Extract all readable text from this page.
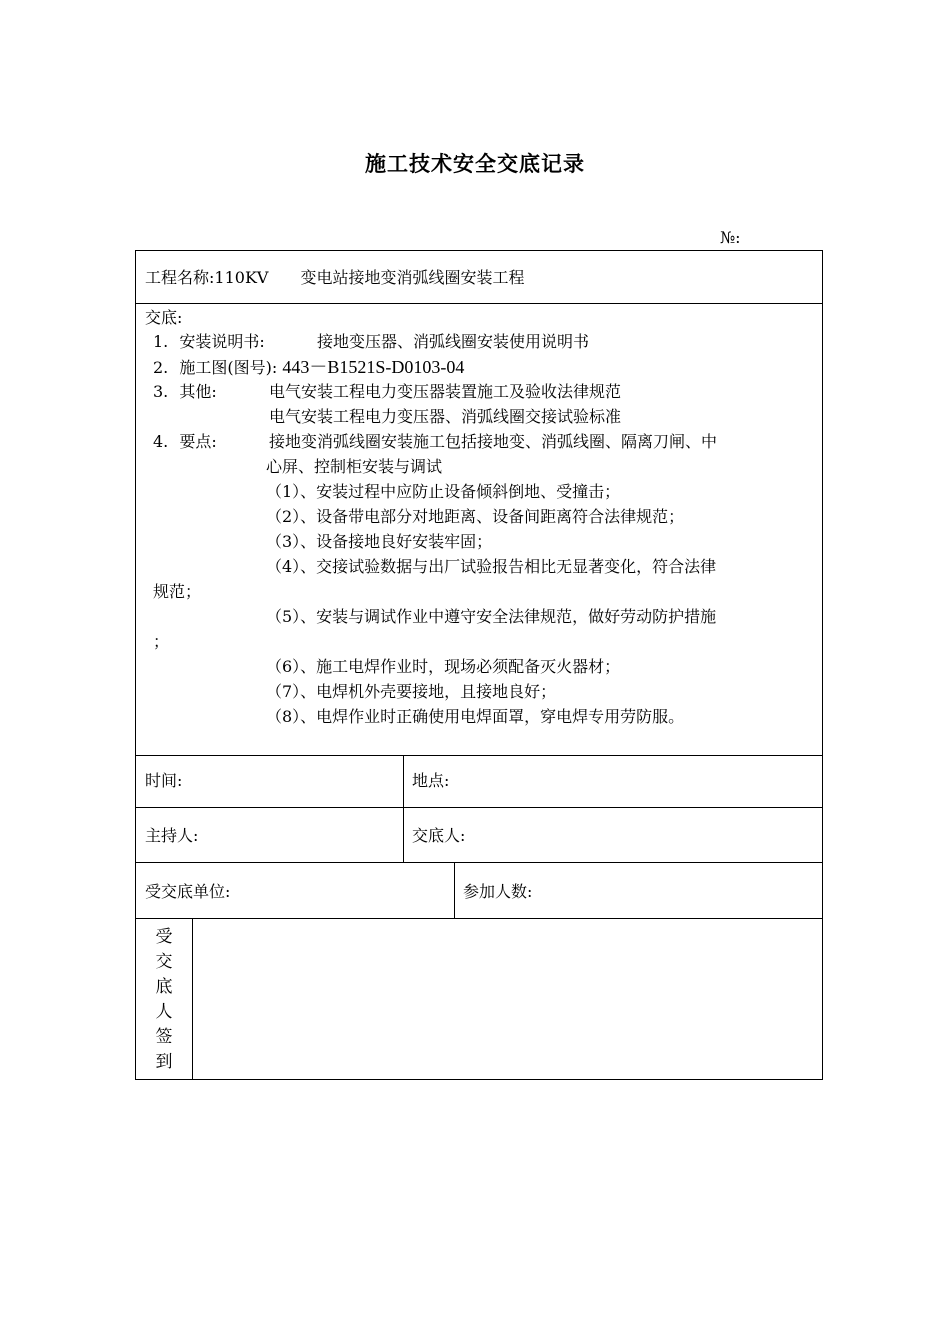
施工技术安全交底记录
№:
工程名称:110KV　　变电站接地变消弧线圈安装工程
交底:
1. 安装说明书:	接地变压器、消弧线圈安装使用说明书
2. 施工图(图号): 443－B1521S-D0103-04
3. 其他:	电气安装工程电力变压器装置施工及验收法律规范
电气安装工程电力变压器、消弧线圈交接试验标准
4. 要点:	接地变消弧线圈安装施工包括接地变、消弧线圈、隔离刀闸、中
心屏、控制柜安装与调试
（1）、安装过程中应防止设备倾斜倒地、受撞击；
（2）、设备带电部分对地距离、设备间距离符合法律规范；
（3）、设备接地良好安装牢固；
（4）、交接试验数据与出厂试验报告相比无显著变化，符合法律
规范；
（5）、安装与调试作业中遵守安全法律规范，做好劳动防护措施
；
（6）、施工电焊作业时，现场必须配备灭火器材；
（7）、电焊机外壳要接地，且接地良好；
（8）、电焊作业时正确使用电焊面罩，穿电焊专用劳防服。
时间:	地点:
主持人:	交底人:
受交底单位:	参加人数:
受
交
底
人
签
到
